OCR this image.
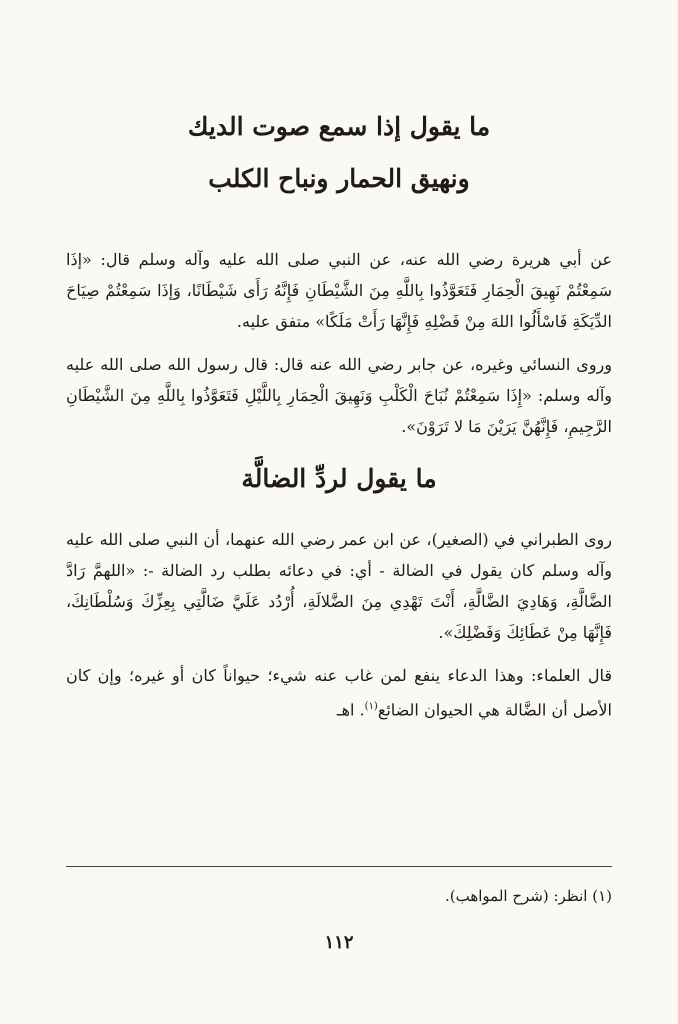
ما يقول إذا سمع صوت الديك
ونهيق الحمار ونباح الكلب

عن أبي هريرة رضي الله عنه، عن النبي صلى الله عليه وآله وسلم قال: «إذَا سَمِعْتُمْ نَهِيقَ الْحِمَارِ فَتَعَوَّذُوا بِاللَّهِ مِنَ الشَّيْطَانِ فَإِنَّهُ رَأَى شَيْطَانًا، وَإذَا سَمِعْتُمْ صِيَاحَ الدِّيَكَةِ فَاسْأَلُوا اللهَ مِنْ فَضْلِهِ فَإِنَّهَا رَأَتْ مَلَكًا» متفق عليه.

وروى النسائي وغيره، عن جابر رضي الله عنه قال: قال رسول الله صلى الله عليه وآله وسلم: «إِذَا سَمِعْتُمْ نُبَاحَ الْكَلْبِ وَنَهِيقَ الْحِمَارِ بِاللَّيْلِ فَتَعَوَّذُوا بِاللَّهِ مِنَ الشَّيْطَانِ الرَّجِيمِ، فَإِنَّهُنَّ يَرَيْنَ مَا لا تَرَوْنَ».

ما يقول لردِّ الضالَّة

روى الطبراني في (الصغير)، عن ابن عمر رضي الله عنهما، أن النبي صلى الله عليه وآله وسلم كان يقول في الضالة - أي: في دعائه بطلب رد الضالة -: «اللهمَّ رَادَّ الضَّالَّةِ، وَهَادِيَ الضَّالَّةِ، أَنْتَ تَهْدِي مِنَ الضَّلالَةِ، أُرْدُد عَلَيَّ ضَالَّتِي بِعِزِّكَ وَسُلْطَانِكَ، فَإِنَّهَا مِنْ عَطَائِكَ وَفَضْلِكَ».

قال العلماء: وهذا الدعاء ينفع لمن غاب عنه شيء؛ حيواناً كان أو غيره؛ وإن كان الأصل أن الضَّالة هي الحيوان الضائع$^{(١)}$. اهـ

(١) انظر: (شرح المواهب).
١١٢
